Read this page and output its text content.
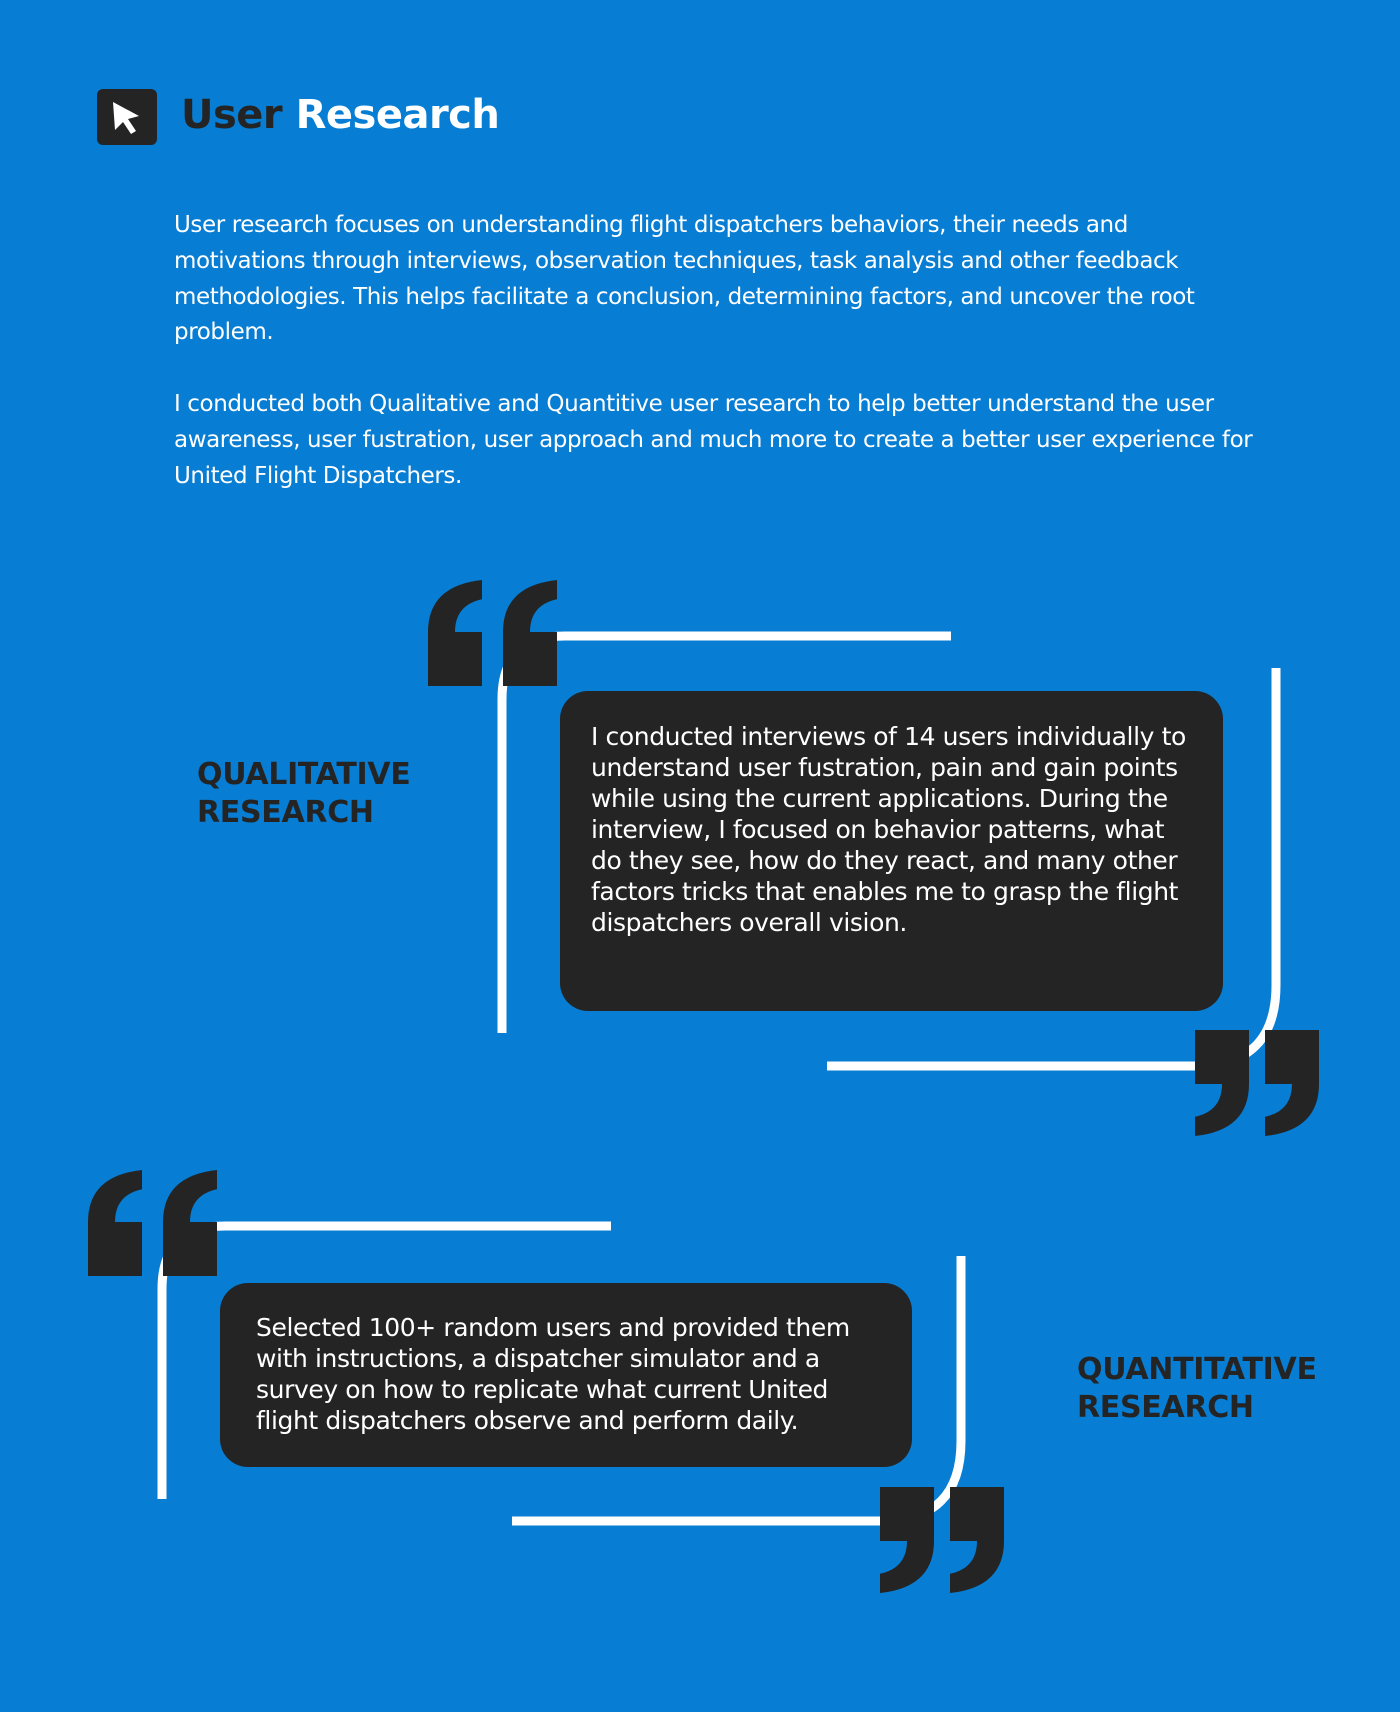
User Research
User research focuses on understanding flight dispatchers behaviors, their needs and motivations through interviews, observation techniques, task analysis and other feedback methodologies. This helps facilitate a conclusion, determining factors, and uncover the root problem.
I conducted both Qualitative and Quantitive user research to help better understand the user awareness, user fustration, user approach and much more to create a better user experience for United Flight Dispatchers.
QUALITATIVE
RESEARCH
I conducted interviews of 14 users individually to understand user fustration, pain and gain points while using the current applications. During the interview, I focused on behavior patterns, what do they see, how do they react, and many other factors tricks that enables me to grasp the flight dispatchers overall vision.
Selected 100+ random users and provided them with instructions, a dispatcher simulator and a survey on how to replicate what current United flight dispatchers observe and perform daily.
QUANTITATIVE
RESEARCH
